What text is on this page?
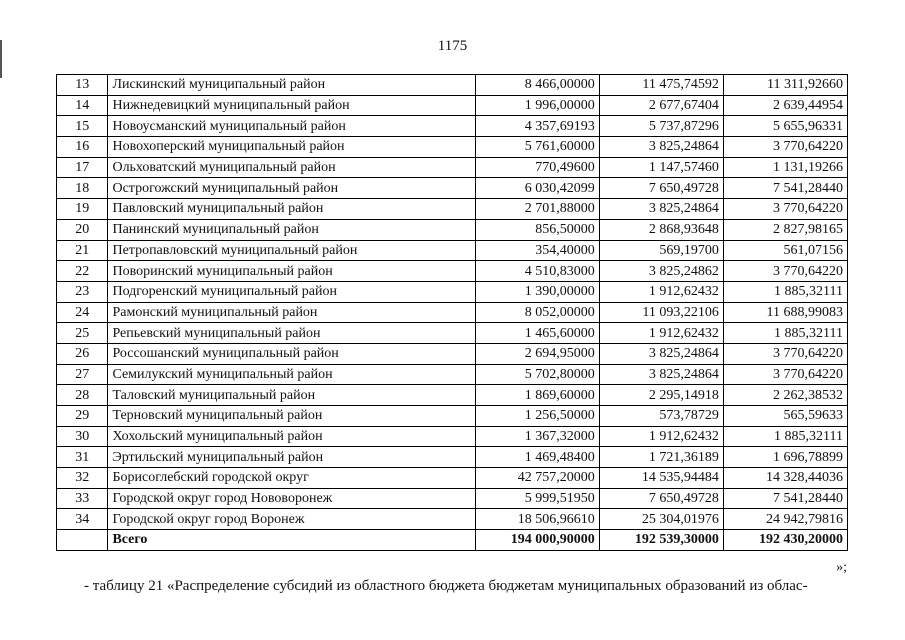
1175
13	Лискинский муниципальный район	8 466,00000	11 475,74592	11 311,92660
14	Нижнедевицкий муниципальный район	1 996,00000	2 677,67404	2 639,44954
15	Новоусманский муниципальный район	4 357,69193	5 737,87296	5 655,96331
16	Новохоперский муниципальный район	5 761,60000	3 825,24864	3 770,64220
17	Ольховатский муниципальный район	770,49600	1 147,57460	1 131,19266
18	Острогожский муниципальный район	6 030,42099	7 650,49728	7 541,28440
19	Павловский муниципальный район	2 701,88000	3 825,24864	3 770,64220
20	Панинский муниципальный район	856,50000	2 868,93648	2 827,98165
21	Петропавловский муниципальный район	354,40000	569,19700	561,07156
22	Поворинский муниципальный район	4 510,83000	3 825,24862	3 770,64220
23	Подгоренский муниципальный район	1 390,00000	1 912,62432	1 885,32111
24	Рамонский муниципальный район	8 052,00000	11 093,22106	11 688,99083
25	Репьевский муниципальный район	1 465,60000	1 912,62432	1 885,32111
26	Россошанский муниципальный район	2 694,95000	3 825,24864	3 770,64220
27	Семилукский муниципальный район	5 702,80000	3 825,24864	3 770,64220
28	Таловский муниципальный район	1 869,60000	2 295,14918	2 262,38532
29	Терновский муниципальный район	1 256,50000	573,78729	565,59633
30	Хохольский муниципальный район	1 367,32000	1 912,62432	1 885,32111
31	Эртильский муниципальный район	1 469,48400	1 721,36189	1 696,78899
32	Борисоглебский городской округ	42 757,20000	14 535,94484	14 328,44036
33	Городской округ город Нововоронеж	5 999,51950	7 650,49728	7 541,28440
34	Городской округ город Воронеж	18 506,96610	25 304,01976	24 942,79816
	Всего	194 000,90000	192 539,30000	192 430,20000
»;
- таблицу 21 «Распределение субсидий из областного бюджета бюджетам муниципальных образований из облас-
